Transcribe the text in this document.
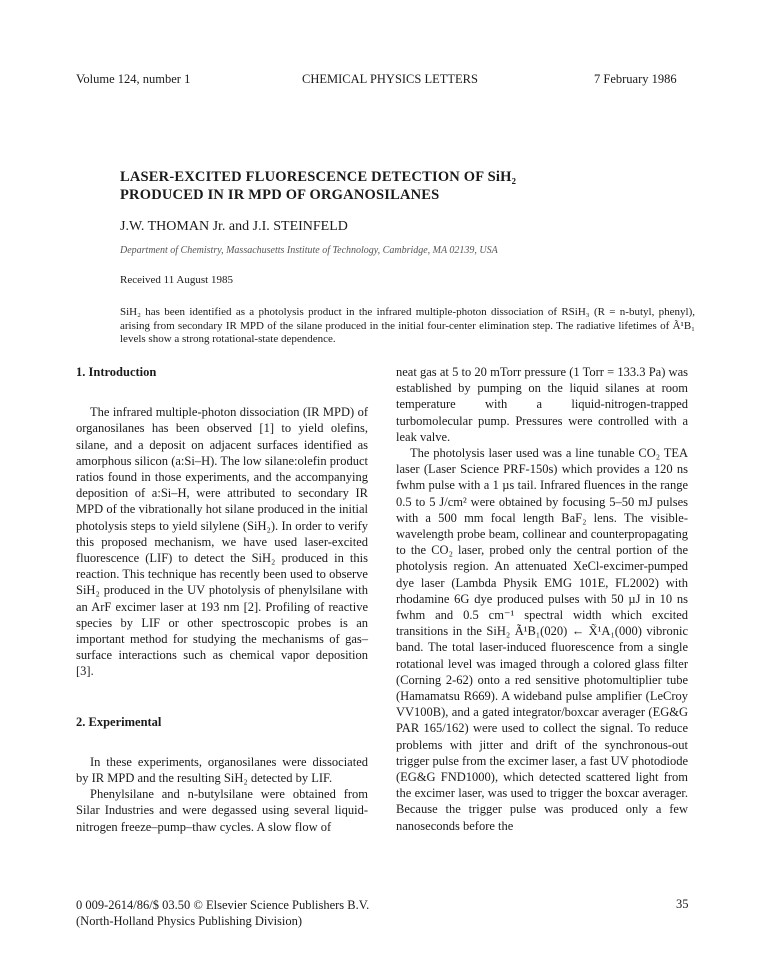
Volume 124, number 1	CHEMICAL PHYSICS LETTERS	7 February 1986
LASER-EXCITED FLUORESCENCE DETECTION OF SiH₂
PRODUCED IN IR MPD OF ORGANOSILANES
J.W. THOMAN Jr. and J.I. STEINFELD
Department of Chemistry, Massachusetts Institute of Technology, Cambridge, MA 02139, USA
Received 11 August 1985
SiH₂ has been identified as a photolysis product in the infrared multiple-photon dissociation of RSiH₃ (R = n-butyl, phenyl), arising from secondary IR MPD of the silane produced in the initial four-center elimination step. The radiative lifetimes of Ã¹B₁ levels show a strong rotational-state dependence.

1. Introduction

The infrared multiple-photon dissociation (IR MPD) of organosilanes has been observed [1] to yield olefins, silane, and a deposit on adjacent surfaces identified as amorphous silicon (a:Si–H). The low silane:olefin product ratios found in those experiments, and the accompanying deposition of a:Si–H, were attributed to secondary IR MPD of the vibrationally hot silane produced in the initial photolysis steps to yield silylene (SiH₂). In order to verify this proposed mechanism, we have used laser-excited fluorescence (LIF) to detect the SiH₂ produced in this reaction. This technique has recently been used to observe SiH₂ produced in the UV photolysis of phenylsilane with an ArF excimer laser at 193 nm [2]. Profiling of reactive species by LIF or other spectroscopic probes is an important method for studying the mechanisms of gas–surface interactions such as chemical vapor deposition [3].

2. Experimental

In these experiments, organosilanes were dissociated by IR MPD and the resulting SiH₂ detected by LIF.

Phenylsilane and n-butylsilane were obtained from Silar Industries and were degassed using several liquid-nitrogen freeze–pump–thaw cycles. A slow flow of

neat gas at 5 to 20 mTorr pressure (1 Torr = 133.3 Pa) was established by pumping on the liquid silanes at room temperature with a liquid-nitrogen-trapped turbomolecular pump. Pressures were controlled with a leak valve.

The photolysis laser used was a line tunable CO₂ TEA laser (Laser Science PRF-150s) which provides a 120 ns fwhm pulse with a 1 µs tail. Infrared fluences in the range 0.5 to 5 J/cm² were obtained by focusing 5–50 mJ pulses with a 500 mm focal length BaF₂ lens. The visible-wavelength probe beam, collinear and counterpropagating to the CO₂ laser, probed only the central portion of the photolysis region. An attenuated XeCl-excimer-pumped dye laser (Lambda Physik EMG 101E, FL2002) with rhodamine 6G dye produced pulses with 50 µJ in 10 ns fwhm and 0.5 cm⁻¹ spectral width which excited transitions in the SiH₂ Ã¹B₁(020) ← X̃¹A₁(000) vibronic band. The total laser-induced fluorescence from a single rotational level was imaged through a colored glass filter (Corning 2-62) onto a red sensitive photomultiplier tube (Hamamatsu R669). A wideband pulse amplifier (LeCroy VV100B), and a gated integrator/boxcar averager (EG&G PAR 165/162) were used to collect the signal. To reduce problems with jitter and drift of the synchronous-out trigger pulse from the excimer laser, a fast UV photodiode (EG&G FND1000), which detected scattered light from the excimer laser, was used to trigger the boxcar averager. Because the trigger pulse was produced only a few nanoseconds before the

0 009-2614/86/$ 03.50 © Elsevier Science Publishers B.V.
(North-Holland Physics Publishing Division)
35
